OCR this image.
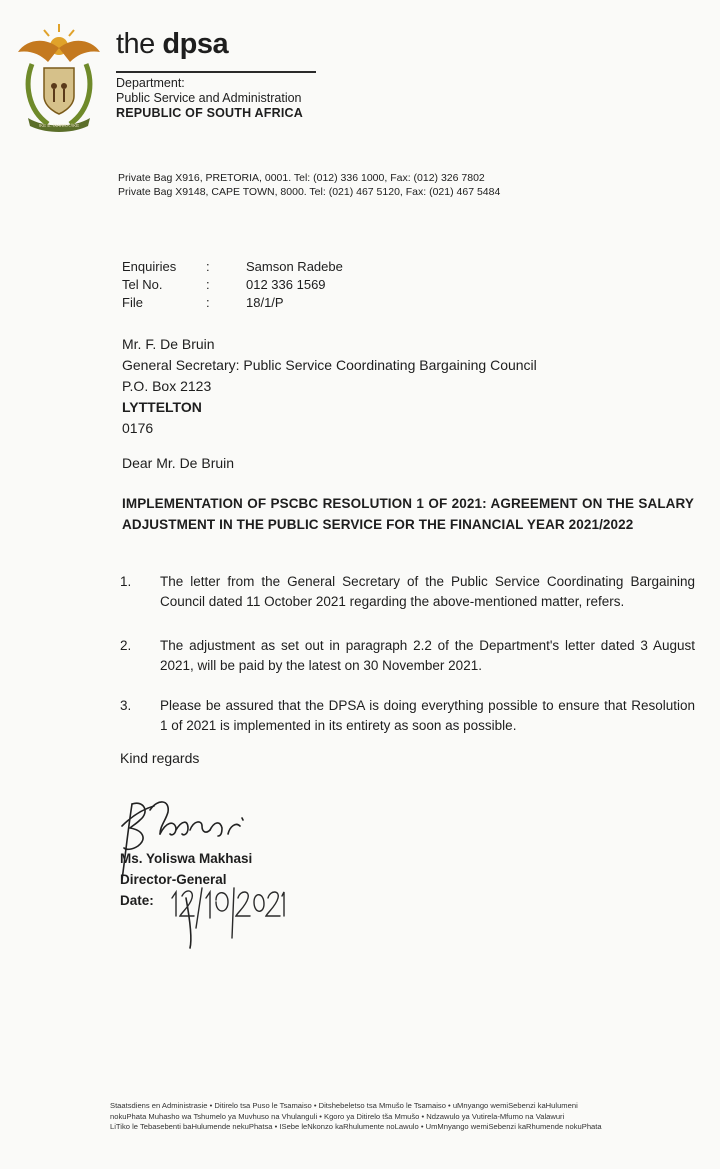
!KE E: /XARRA //KE
the dpsa
Department:
Public Service and Administration
REPUBLIC OF SOUTH AFRICA
Private Bag X916, PRETORIA, 0001. Tel: (012) 336 1000, Fax: (012) 326 7802
Private Bag X9148, CAPE TOWN, 8000. Tel: (021) 467 5120, Fax: (021) 467 5484
Enquiries	:	Samson Radebe
Tel No.	:	012 336 1569
File	:	18/1/P
Mr. F. De Bruin
General Secretary: Public Service Coordinating Bargaining Council
P.O. Box 2123
LYTTELTON
0176
Dear Mr. De Bruin
IMPLEMENTATION OF PSCBC RESOLUTION 1 OF 2021: AGREEMENT ON THE SALARY ADJUSTMENT IN THE PUBLIC SERVICE FOR THE FINANCIAL YEAR 2021/2022
1.	The letter from the General Secretary of the Public Service Coordinating Bargaining Council dated 11 October 2021 regarding the above-mentioned matter, refers.
2.	The adjustment as set out in paragraph 2.2 of the Department's letter dated 3 August 2021, will be paid by the latest on 30 November 2021.
3.	Please be assured that the DPSA is doing everything possible to ensure that Resolution 1 of 2021 is implemented in its entirety as soon as possible.
Kind regards
Ms. Yoliswa Makhasi
Director-General
Date:
Staatsdiens en Administrasie • Ditirelo tsa Puso le Tsamaiso • Ditshebeletso tsa Mmušo le Tsamaiso • uMnyango wemiSebenzi kaHulumeni
nokuPhata Muhasho wa Tshumelo ya Muvhuso na Vhulanguli • Kgoro ya Ditirelo tša Mmušo • Ndzawulo ya Vutirela-Mfumo na Valawuri
LiTiko le Tebasebenti baHulumende nekuPhatsa • ISebe leNkonzo kaRhulumente noLawulo • UmMnyango wemiSebenzi kaRhumende nokuPhata
